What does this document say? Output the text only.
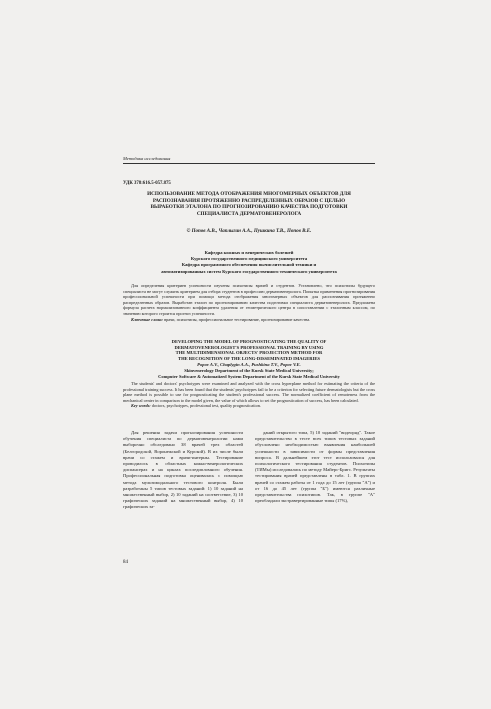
Методика исследования
УДК 378:616.5-057.875
ИСПОЛЬЗОВАНИЕ МЕТОДА ОТОБРАЖЕНИЯ МНОГОМЕРНЫХ ОБЪЕКТОВ ДЛЯ
РАСПОЗНАВАНИЯ ПРОТЯЖЕННО РАСПРЕДЕЛЕННЫХ ОБРАЗОВ С ЦЕЛЬЮ
ВЫРАБОТКИ ЭТАЛОНА ПО ПРОГНОЗИРОВАНИЮ КАЧЕСТВА ПОДГОТОВКИ
СПЕЦИАЛИСТА ДЕРМАТОВЕНЕРОЛОГА
© Попов А.В., Чаплыгин А.А., Пушкина Т.В., Попов В.Е.
Кафедра кожных и венерических болезней
Курского государственного медицинского университета
Кафедра программного обеспечения вычислительной техники и
автоматизированных систем Курского государственного технического университета

Для определения критериев успешности изучены психотипы врачей и студентов. Установлено, что психотипы будущего специалиста не могут служить критерием для отбора студентов в профессию дерматовенеролога. Попытка применения прогнозирования профессиональной успешности при помощи метода отображения многомерных объектов для распознавания протяженно распределенных образов. Выработан эталон по прогнозированию качества подготовки специалиста дерматовенеролога. Предложена формула расчета нормализованного коэффициента удаления от геометрического центра в сопоставлении с эталонным классом, по значению которого строится прогноз успешности.

Ключевые слова: врачи, психотипы, профессиональное тестирование, прогнозирование качества.

DEVELOPING THE MODEL OF PROGNOSTICATING THE QUALITY OF
DERMATOVENEROLOGIST'S PROFESSIONAL TRAINING BY USING
THE MULTIDIMENSIONAL OBJECTS' PROJECTION METHOD FOR
THE RECOGNITION OF THE LONG-DISSEMINATED IMAGERIES
Popov A.V., Chaplygin A.A., Pushkina T.V., Popov V.E.
Skinvenerology Department of the Kursk State Medical University;
Computer Software & Automatized System Department of the Kursk State Medical University

The students' and doctors' psychotypes were examined and analyzed with the cross hyperplane method for estimating the criteria of the professional training success. It has been found that the students' psychotypes fail to be a criterion for selecting future dermatologists but the cross plane method is possible to use for prognosticating the student's professional success. The normalized coefficient of remoteness from the mechanical center in comparison to the model given, the value of which allows to set the prognostication of success, has been calculated.

Key words: doctors, psychotypes, professional test, quality prognostication.

Для решения задачи прогнозирования успешности обучения специалиста по дерматовенерологии нами выборочно обследовано 38 врачей трех областей (Белгородской, Воронежской и Курской). В их числе были врачи со стажем и врачи-интерны. Тестирование проводилось в областных кожно-венерологических диспансерах и на циклах последипломного обучения. Профессиональная подготовка оценивалась с помощью метода мультимодального тестового контроля. Были разработаны 5 типов тестовых заданий: 1) 10 заданий на множественный выбор, 2) 10 заданий на соответствие, 3) 10 графических заданий на множественный выбор, 4) 10 графических за-

даний открытого типа, 5) 10 заданий "видеоряд". Такое представительство в тесте всех типов тестовых заданий обусловлено необходимостью выявления наибольшей успешности в зависимости от формы представления вопроса. В дальнейшем этот тест использовался для психологического тестирования студентов. Психотипы (ТИМы) исследовались по методу Майерс-Бригс. Результаты тестирования врачей представлены в табл. 1. В группах врачей со стажем работы от 1 года до 15 лет (группа "А") и от 16 до 45 лет (группа "Б") имеются различные представительства психотипов. Так, в группе "А" преобладали экстравертированные типы (17%),

84
